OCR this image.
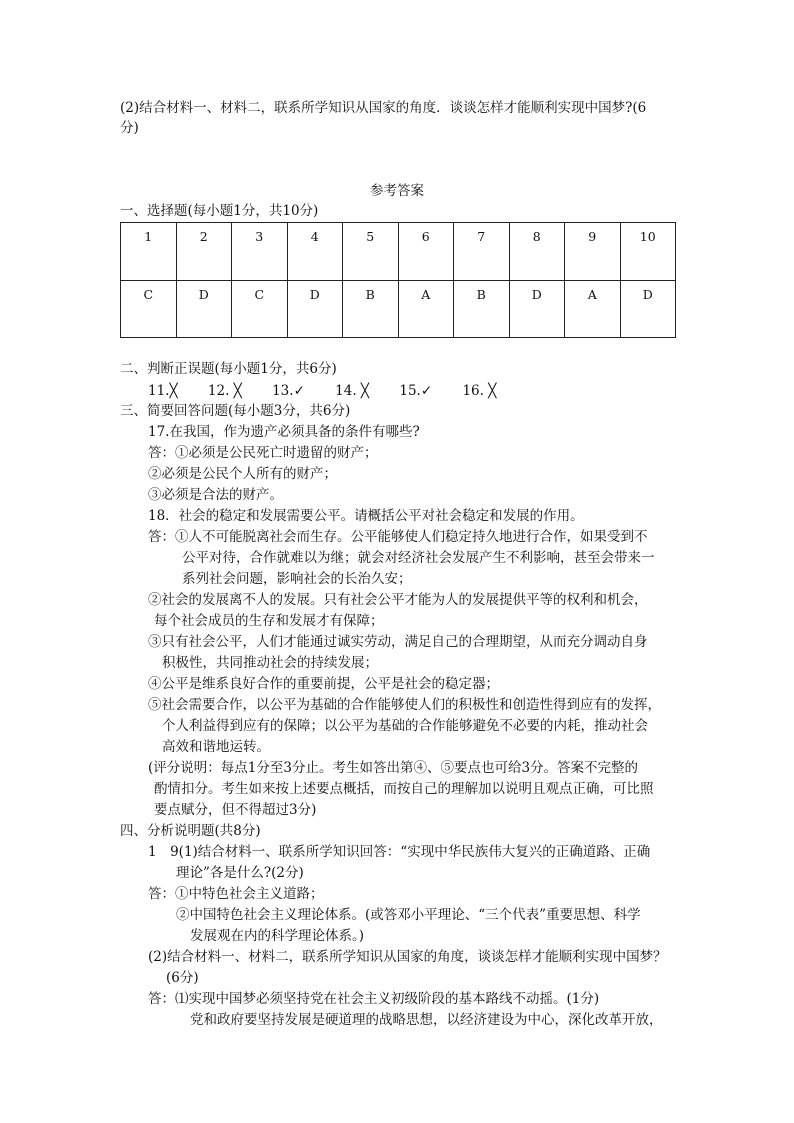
(2)结合材料一、材料二，联系所学知识从国家的角度．谈谈怎样才能顺利实现中国梦?(6
分)
参考答案
一、选择题(每小题1分，共10分)
1	2	3	4	5	6	7	8	9	10
C	D	C	D	B	A	B	D	A	D
二、判断正误题(每小题1分，共6分)
11.╳ 12. ╳ 13.✓ 14. ╳ 15.✓ 16. ╳
三、简要回答问题(每小题3分，共6分)
17.在我国，作为遗产必须具备的条件有哪些?
答：①必须是公民死亡时遗留的财产；
②必须是公民个人所有的财产；
③必须是合法的财产。
18．社会的稳定和发展需要公平。请概括公平对社会稳定和发展的作用。
答：①人不可能脱离社会而生存。公平能够使人们稳定持久地进行合作，如果受到不
公平对待，合作就难以为继；就会对经济社会发展产生不利影响，甚至会带来一
系列社会问题，影响社会的长治久安；
②社会的发展离不人的发展。只有社会公平才能为人的发展提供平等的权利和机会，
每个社会成员的生存和发展才有保障；
③只有社会公平，人们才能通过诚实劳动，满足自己的合理期望，从而充分调动自身
积极性，共同推动社会的持续发展；
④公平是维系良好合作的重要前提，公平是社会的稳定器；
⑤社会需要合作，以公平为基础的合作能够使人们的积极性和创造性得到应有的发挥，
个人利益得到应有的保障；以公平为基础的合作能够避免不必要的内耗，推动社会
高效和谐地运转。
(评分说明：每点1分至3分止。考生如答出第④、⑤要点也可给3分。答案不完整的
酌情扣分。考生如来按上述要点概括，而按自己的理解加以说明且观点正确，可比照
要点赋分，但不得超过3分)
四、分析说明题(共8分)
1　9(1)结合材料一、联系所学知识回答：“实现中华民族伟大复兴的正确道路、正确
理论”各是什么?(2分)
答：①中特色社会主义道路；
②中国特色社会主义理论体系。(或答邓小平理论、“三个代表”重要思想、科学
发展观在内的科学理论体系。)
(2)结合材料一、材料二，联系所学知识从国家的角度，谈谈怎样才能顺利实现中国梦？
(6分)
答：⑴实现中国梦必须坚持党在社会主义初级阶段的基本路线不动摇。(1分)
党和政府要坚持发展是硬道理的战略思想，以经济建设为中心，深化改革开放，
